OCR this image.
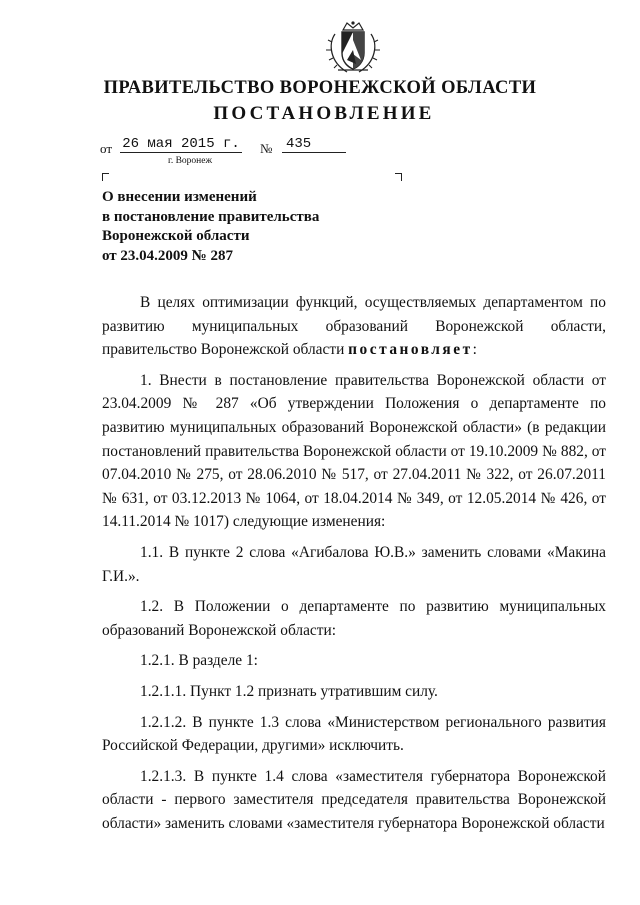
ПРАВИТЕЛЬСТВО ВОРОНЕЖСКОЙ ОБЛАСТИ
ПОСТАНОВЛЕНИЕ
от 26 мая 2015 г. № 435
г. Воронеж
О внесении изменений
в постановление правительства
Воронежской области
от 23.04.2009 № 287

В целях оптимизации функций, осуществляемых департаментом по развитию муниципальных образований Воронежской области, правительство Воронежской области постановляет:

1. Внести в постановление правительства Воронежской области от 23.04.2009 № 287 «Об утверждении Положения о департаменте по развитию муниципальных образований Воронежской области» (в редакции постановлений правительства Воронежской области от 19.10.2009 № 882, от 07.04.2010 № 275, от 28.06.2010 № 517, от 27.04.2011 № 322, от 26.07.2011 № 631, от 03.12.2013 № 1064, от 18.04.2014 № 349, от 12.05.2014 № 426, от 14.11.2014 № 1017) следующие изменения:

1.1. В пункте 2 слова «Агибалова Ю.В.» заменить словами «Макина Г.И.».

1.2. В Положении о департаменте по развитию муниципальных образований Воронежской области:

1.2.1. В разделе 1:

1.2.1.1. Пункт 1.2 признать утратившим силу.

1.2.1.2. В пункте 1.3 слова «Министерством регионального развития Российской Федерации, другими» исключить.

1.2.1.3. В пункте 1.4 слова «заместителя губернатора Воронежской области - первого заместителя председателя правительства Воронежской области» заменить словами «заместителя губернатора Воронежской области
